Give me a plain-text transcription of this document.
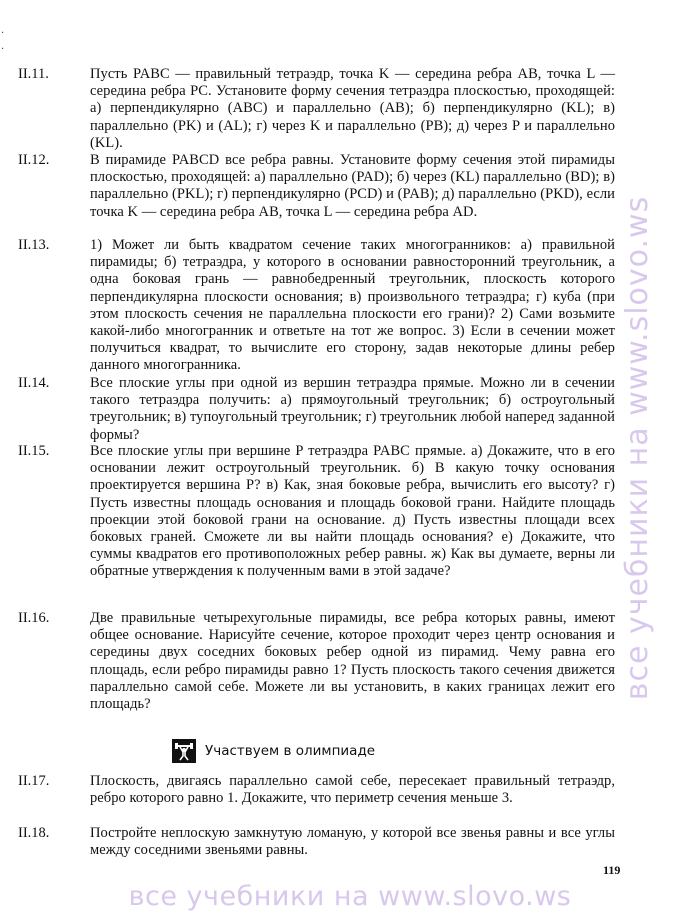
·
·
II.11.	Пусть PABC — правильный тетраэдр, точка K — середина ребра AB, точка L — середина ребра PC. Установите форму сечения тетраэдра плоскостью, проходящей: а) перпендикулярно (ABC) и параллельно (AB); б) перпендикулярно (KL); в) параллельно (PK) и (AL); г) через K и параллельно (PB); д) через P и параллельно (KL).
II.12.	В пирамиде PABCD все ребра равны. Установите форму сечения этой пирамиды плоскостью, проходящей: а) параллельно (PAD); б) через (KL) параллельно (BD); в) параллельно (PKL); г) перпендикулярно (PCD) и (PAB); д) параллельно (PKD), если точка K — середина ребра AB, точка L — середина ребра AD.
II.13.	1) Может ли быть квадратом сечение таких многогранников: а) правильной пирамиды; б) тетраэдра, у которого в основании равносторонний треугольник, а одна боковая грань — равнобедренный треугольник, плоскость которого перпендикулярна плоскости основания; в) произвольного тетраэдра; г) куба (при этом плоскость сечения не параллельна плоскости его грани)? 2) Сами возьмите какой-либо многогранник и ответьте на тот же вопрос. 3) Если в сечении может получиться квадрат, то вычислите его сторону, задав некоторые длины ребер данного многогранника.
II.14.	Все плоские углы при одной из вершин тетраэдра прямые. Можно ли в сечении такого тетраэдра получить: а) прямоугольный треугольник; б) остроугольный треугольник; в) тупоугольный треугольник; г) треугольник любой наперед заданной формы?
II.15.	Все плоские углы при вершине P тетраэдра PABC прямые. а) Докажите, что в его основании лежит остроугольный треугольник. б) В какую точку основания проектируется вершина P? в) Как, зная боковые ребра, вычислить его высоту? г) Пусть известны площадь основания и площадь боковой грани. Найдите площадь проекции этой боковой грани на основание. д) Пусть известны площади всех боковых граней. Сможете ли вы найти площадь основания? е) Докажите, что суммы квадратов его противоположных ребер равны. ж) Как вы думаете, верны ли обратные утверждения к полученным вами в этой задаче?
II.16.	Две правильные четырехугольные пирамиды, все ребра которых равны, имеют общее основание. Нарисуйте сечение, которое проходит через центр основания и середины двух соседних боковых ребер одной из пирамид. Чему равна его площадь, если ребро пирамиды равно 1? Пусть плоскость такого сечения движется параллельно самой себе. Можете ли вы установить, в каких границах лежит его площадь?
Участвуем в олимпиаде
II.17.	Плоскость, двигаясь параллельно самой себе, пересекает правильный тетраэдр, ребро которого равно 1. Докажите, что периметр сечения меньше 3.
II.18.	Постройте неплоскую замкнутую ломаную, у которой все звенья равны и все углы между соседними звеньями равны.
119
все учебники на www.slovo.ws
все учебники на www.slovo.ws
